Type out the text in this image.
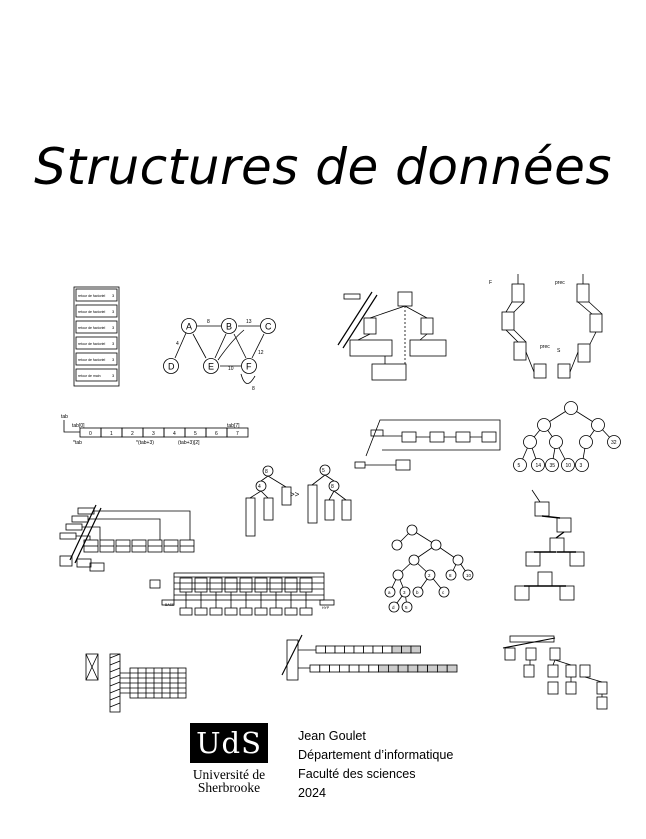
Structures de données
retour de factoriel 3
retour de factoriel 3
retour de factoriel 3
retour de factoriel 3
retour de factoriel 3
retour de main	3
A	B	C
D	E	F
8	13
4
12
10
8
F	prec
prec
S
tab
tab[0]	tab[7]
0	1	2	3	4	5	6	7
*tab	*(tab+3)	(tab+3)[2]
5	14 35 10 3
32
8
4
5
8
>>
a	b	c
d 5
8	10
2
3
BASE
HYP
UdS
Université de
Sherbrooke
Jean Goulet
Département d’informatique
Faculté des sciences
2024
